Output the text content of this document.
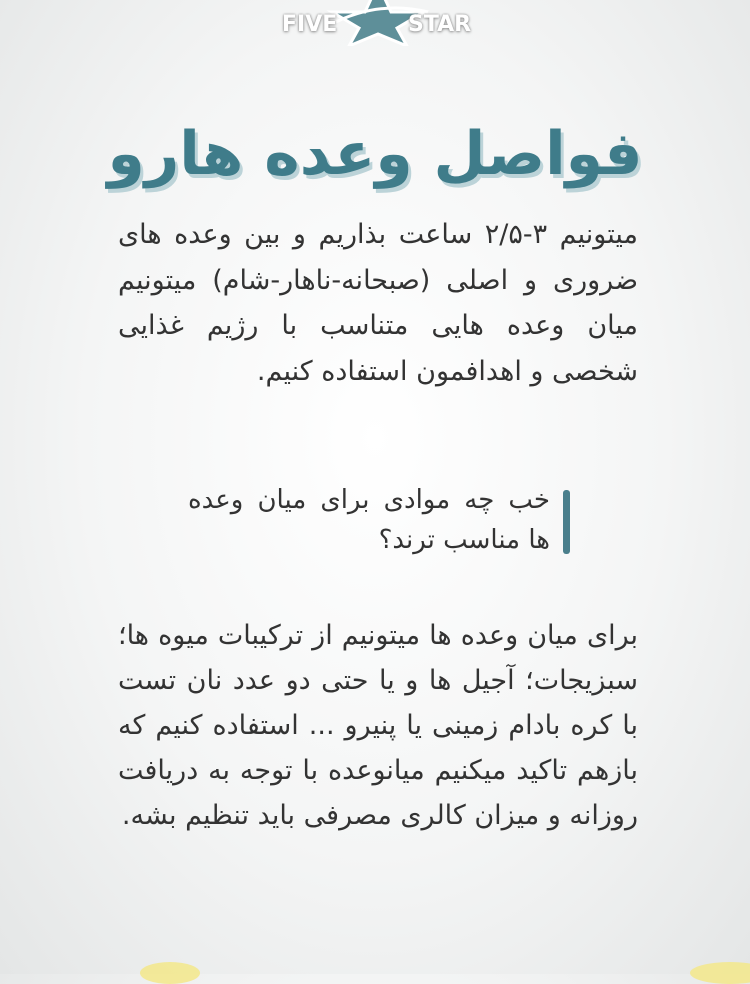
FIVE	STAR
فواصل وعده هارو

میتونیم ۳-۲/۵ ساعت بذاریم و بین وعده های ضروری و اصلی (صبحانه-ناهار-شام) میتونیم میان وعده هایی متناسب با رژیم غذایی شخصی و اهدافمون استفاده کنیم.

خب چه موادی برای میان وعده ها مناسب ترند؟

برای میان وعده ها میتونیم از ترکیبات میوه ها؛ سبزیجات؛ آجیل ها و یا حتی دو عدد نان تست با کره بادام زمینی یا پنیرو ... استفاده کنیم که بازهم تاکید میکنیم میانوعده با توجه به دریافت روزانه و میزان کالری مصرفی باید تنظیم بشه.
